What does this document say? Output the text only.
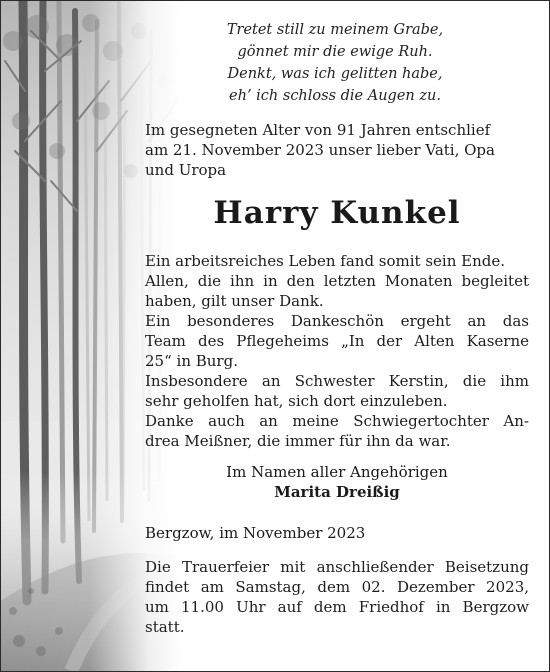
Tretet still zu meinem Grabe,
gönnet mir die ewige Ruh.
Denkt, was ich gelitten habe,
eh’ ich schloss die Augen zu.
Im gesegneten Alter von 91 Jahren entschlief
am 21. November 2023 unser lieber Vati, Opa
und Uropa
Harry Kunkel
Ein arbeitsreiches Leben fand somit sein Ende.
Allen, die ihn in den letzten Monaten begleitet
haben, gilt unser Dank.
Ein besonderes Dankeschön ergeht an das
Team des Pflegeheims „In der Alten Kaserne
25“ in Burg.
Insbesondere an Schwester Kerstin, die ihm
sehr geholfen hat, sich dort einzuleben.
Danke auch an meine Schwiegertochter An-
drea Meißner, die immer für ihn da war.
Im Namen aller Angehörigen
Marita Dreißig
Bergzow, im November 2023
Die Trauerfeier mit anschließender Beisetzung
findet am Samstag, dem 02. Dezember 2023,
um 11.00 Uhr auf dem Friedhof in Bergzow
statt.
